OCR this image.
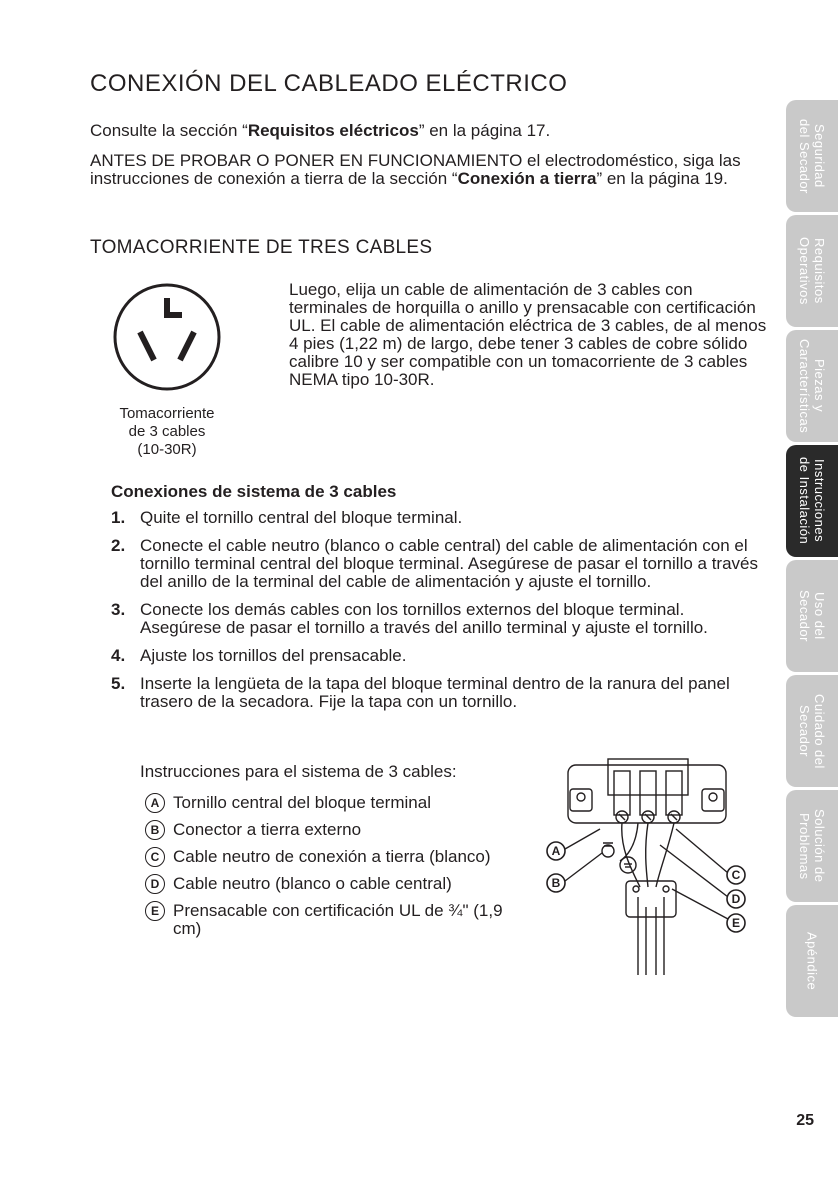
CONEXIÓN DEL CABLEADO ELÉCTRICO

Consulte la sección “Requisitos eléctricos” en la página 17.

ANTES DE PROBAR O PONER EN FUNCIONAMIENTO el electrodoméstico, siga las instrucciones de conexión a tierra de la sección “Conexión a tierra” en la página 19.

TOMACORRIENTE DE TRES CABLES
Tomacorriente
de 3 cables
(10-30R)

Luego, elija un cable de alimentación de 3 cables con terminales de horquilla o anillo y prensacable con certificación UL. El cable de alimentación eléctrica de 3 cables, de al menos 4 pies (1,22 m) de largo, debe tener 3 cables de cobre sólido calibre 10 y ser compatible con un tomacorriente de 3 cables NEMA tipo 10-30R.

Conexiones de sistema de 3 cables
1. Quite el tornillo central del bloque terminal.
2. Conecte el cable neutro (blanco o cable central) del cable de alimentación con el tornillo terminal central del bloque terminal. Asegúrese de pasar el tornillo a través del anillo de la terminal del cable de alimentación y ajuste el tornillo.
3. Conecte los demás cables con los tornillos externos del bloque terminal. Asegúrese de pasar el tornillo a través del anillo terminal y ajuste el tornillo.
4. Ajuste los tornillos del prensacable.
5. Inserte la lengüeta de la tapa del bloque terminal dentro de la ranura del panel trasero de la secadora. Fije la tapa con un tornillo.

Instrucciones para el sistema de 3 cables:

A Tornillo central del bloque terminal
B Conector a tierra externo
C Cable neutro de conexión a tierra (blanco)
D Cable neutro (blanco o cable central)
E Prensacable con certificación UL de ¾" (1,9 cm)
A
B
C
D
E
Seguridad
del Secador
Requisitos
Operativos
Piezas y
Características
Instrucciones
de Instalación
Uso del
Secador
Cuidado del
Secador
Solución de
Problemas
Apéndice
25
